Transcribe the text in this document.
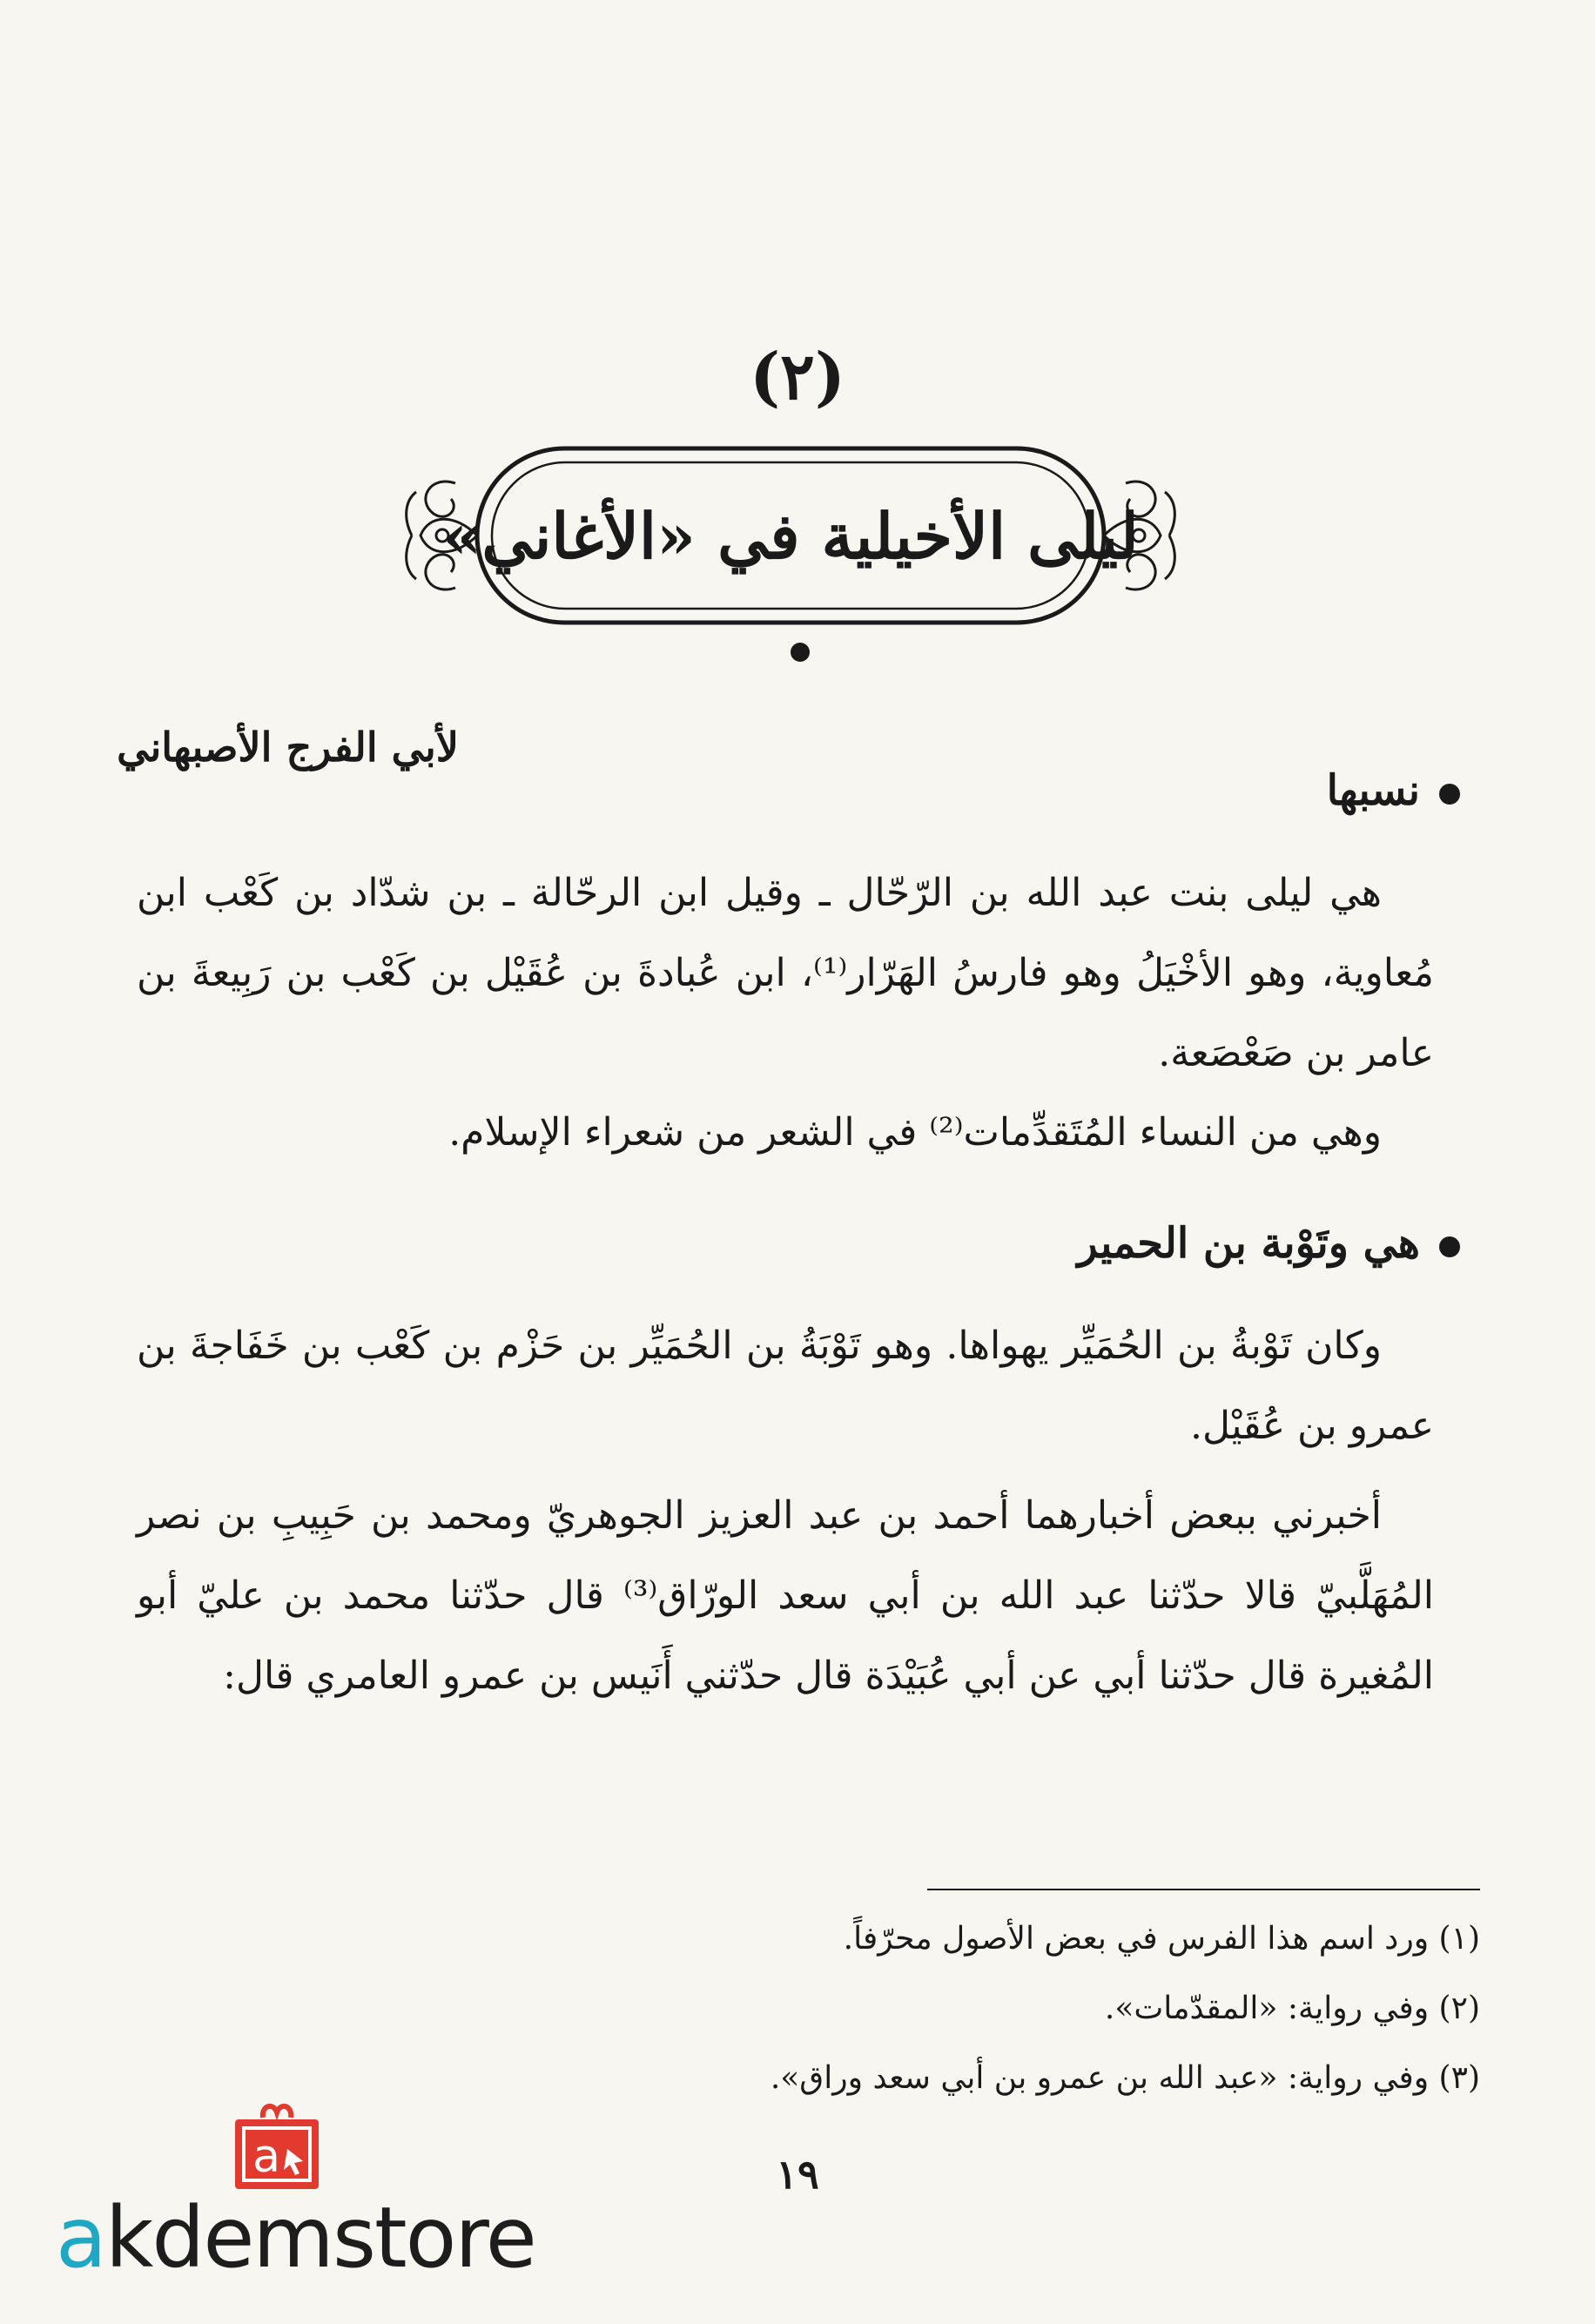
(٢)
ليلى الأخيلية في «الأغاني»
لأبي الفرج الأصبهاني
نسبها
هي ليلى بنت عبد الله بن الرّحّال ـ وقيل ابن الرحّالة ـ بن شدّاد بن كَعْب ابن مُعاوية، وهو الأخْيَلُ وهو فارسُ الهَرّار⁽¹⁾، ابن عُبادةَ بن عُقَيْل بن كَعْب بن رَبِيعةَ بن عامر بن صَعْصَعة.
وهي من النساء المُتَقدِّمات⁽²⁾ في الشعر من شعراء الإسلام.
هي وتَوْبة بن الحمير
وكان تَوْبةُ بن الحُمَيِّر يهواها. وهو تَوْبَةُ بن الحُمَيِّر بن حَزْم بن كَعْب بن خَفَاجةَ بن عمرو بن عُقَيْل.
أخبرني ببعض أخبارهما أحمد بن عبد العزيز الجوهريّ ومحمد بن حَبِيبِ بن نصر المُهَلَّبيّ قالا حدّثنا عبد الله بن أبي سعد الورّاق⁽³⁾ قال حدّثنا محمد بن عليّ أبو المُغيرة قال حدّثنا أبي عن أبي عُبَيْدَة قال حدّثني أَنَيس بن عمرو العامري قال:
(١) ورد اسم هذا الفرس في بعض الأصول محرّفاً.
(٢) وفي رواية: «المقدّمات».
(٣) وفي رواية: «عبد الله بن عمرو بن أبي سعد وراق».
١٩
a
akdemstore
